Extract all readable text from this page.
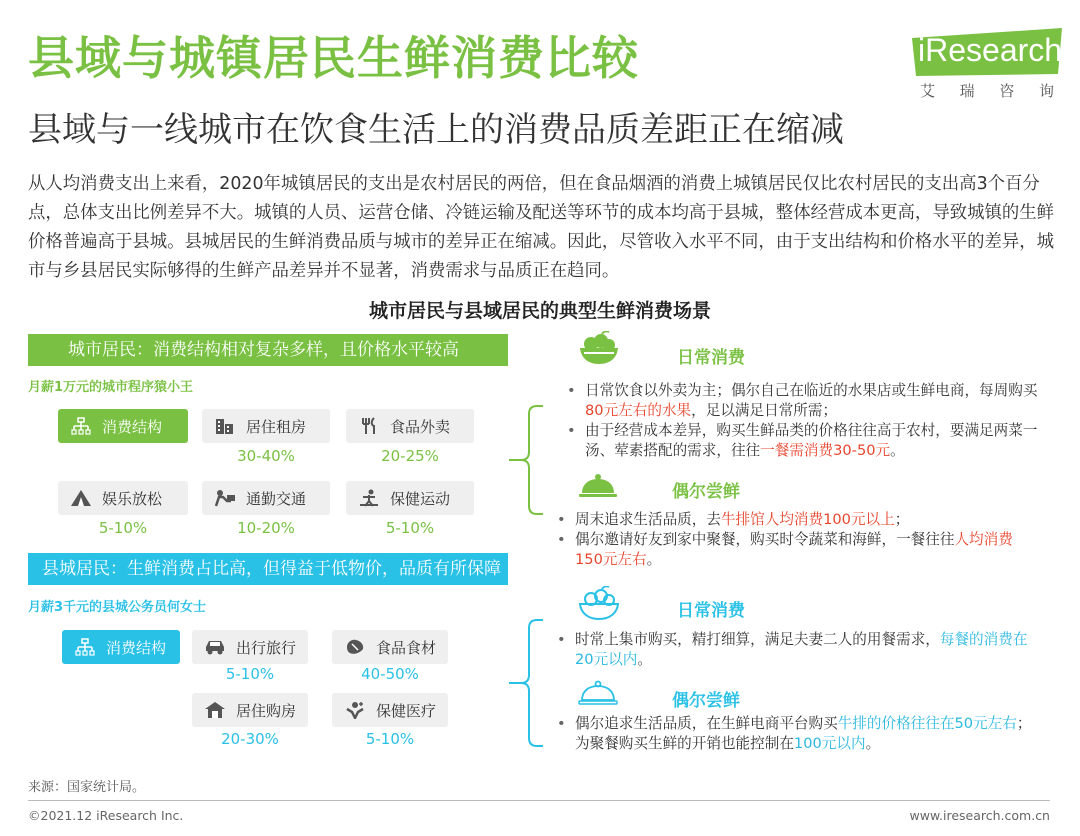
县域与城镇居民生鲜消费比较
县域与一线城市在饮食生活上的消费品质差距正在缩减
iResearch
艾 瑞 咨 询
从人均消费支出上来看，2020年城镇居民的支出是农村居民的两倍，但在食品烟酒的消费上城镇居民仅比农村居民的支出高3个百分点，总体支出比例差异不大。城镇的人员、运营仓储、冷链运输及配送等环节的成本均高于县城，整体经营成本更高，导致城镇的生鲜价格普遍高于县城。县城居民的生鲜消费品质与城市的差异正在缩减。因此，尽管收入水平不同，由于支出结构和价格水平的差异，城市与乡县居民实际够得的生鲜产品差异并不显著，消费需求与品质正在趋同。
城市居民与县域居民的典型生鲜消费场景
城市居民：消费结构相对复杂多样，且价格水平较高
月薪1万元的城市程序猿小王
消费结构	居住租房
30-40%
食品外卖
20-25%
娱乐放松
5-10%
通勤交通
10-20%
保健运动
5-10%
县城居民：生鲜消费占比高，但得益于低物价，品质有所保障
月薪3千元的县城公务员何女士
消费结构	出行旅行
5-10%
食品食材
40-50%
居住购房
20-30%
保健医疗
5-10%
日常消费
• 日常饮食以外卖为主；偶尔自己在临近的水果店或生鲜电商，每周购买80元左右的水果，足以满足日常所需；
• 由于经营成本差异，购买生鲜品类的价格往往高于农村，要满足两菜一汤、荤素搭配的需求，往往一餐需消费30-50元。
偶尔尝鲜
• 周末追求生活品质，去牛排馆人均消费100元以上；
• 偶尔邀请好友到家中聚餐，购买时令蔬菜和海鲜，一餐往往人均消费150元左右。
日常消费
• 时常上集市购买，精打细算，满足夫妻二人的用餐需求，每餐的消费在20元以内。
偶尔尝鲜
• 偶尔追求生活品质，在生鲜电商平台购买牛排的价格往往在50元左右；为聚餐购买生鲜的开销也能控制在100元以内。
来源：国家统计局。
©2021.12 iResearch Inc.	www.iresearch.com.cn
